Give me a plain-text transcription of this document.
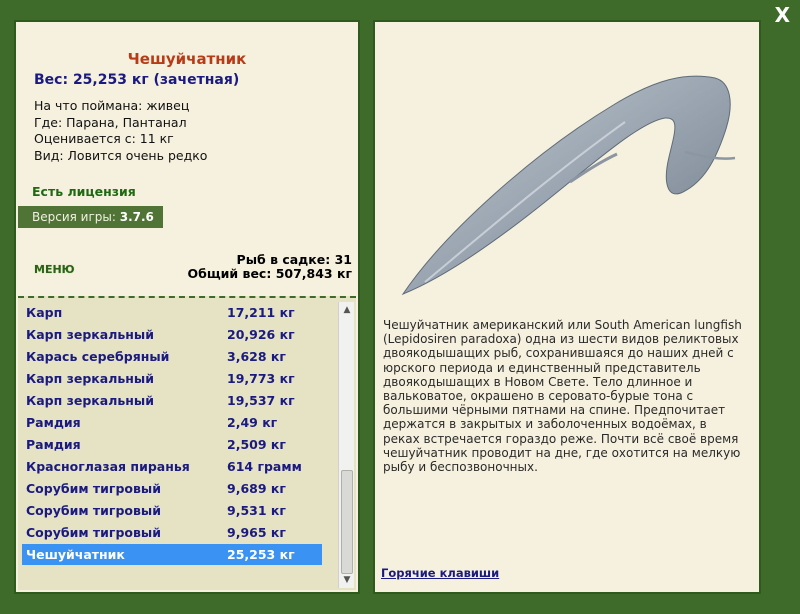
X
Чешуйчатник
Вес: 25,253 кг (зачетная)
На что поймана: живец
Где: Парана, Пантанал
Оценивается с: 11 кг
Вид: Ловится очень редко
Есть лицензия
Версия игры: 3.7.6
МЕНЮ
Рыб в садке: 31
Общий вес: 507,843 кг
Карп	17,211 кг
Карп зеркальный	20,926 кг
Карась серебряный	3,628 кг
Карп зеркальный	19,773 кг
Карп зеркальный	19,537 кг
Рамдия	2,49 кг
Рамдия	2,509 кг
Красноглазая пиранья	614 грамм
Сорубим тигровый	9,689 кг
Сорубим тигровый	9,531 кг
Сорубим тигровый	9,965 кг
Чешуйчатник	25,253 кг
▲
▼
Чешуйчатник американский или South American lungfish (Lepidosiren paradoxa) одна из шести видов реликтовых двоякодышащих рыб, сохранившаяся до наших дней с юрского периода и единственный представитель двоякодышащих в Новом Свете. Тело длинное и вальковатое, окрашено в серовато-бурые тона с большими чёрными пятнами на спине. Предпочитает держатся в закрытых и заболоченных водоёмах, в реках встречается гораздо реже. Почти всё своё время чешуйчатник проводит на дне, где охотится на мелкую рыбу и беспозвоночных.
Горячие клавиши
